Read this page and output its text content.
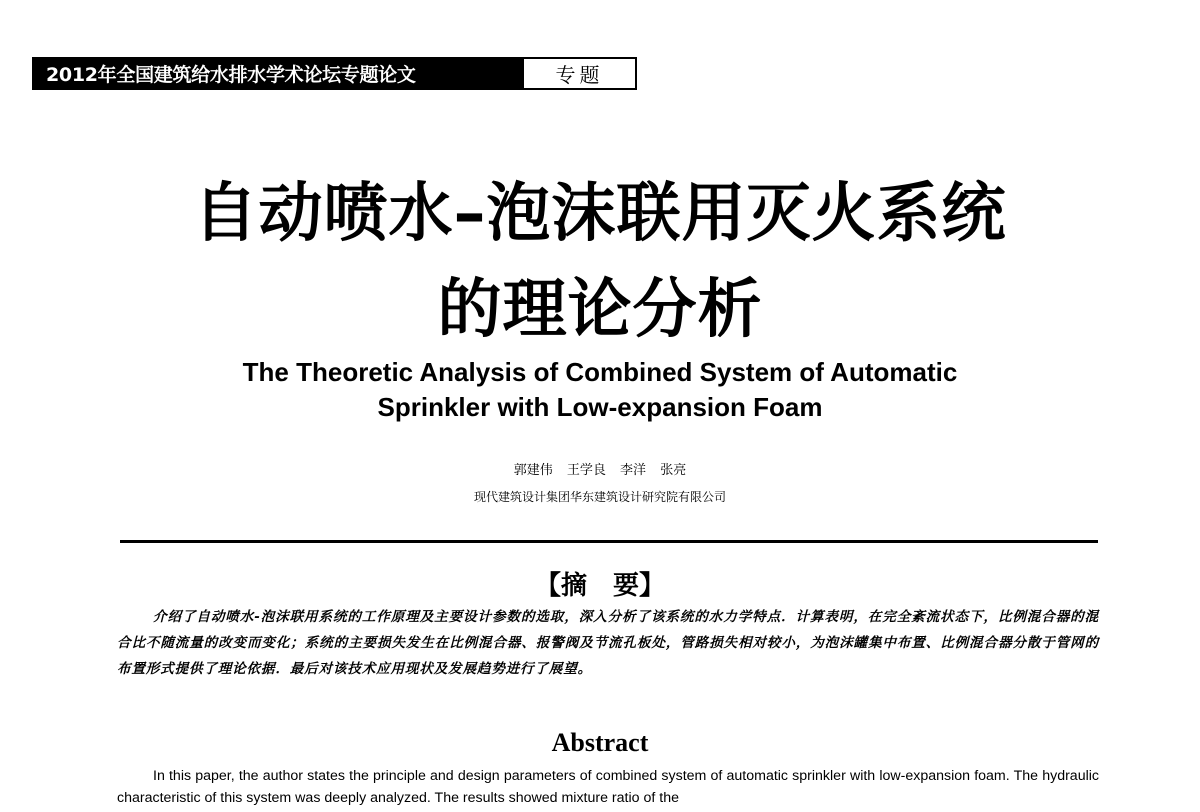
2012年全国建筑给水排水学术论坛专题论文	专题
自动喷水–泡沫联用灭火系统
的理论分析
The Theoretic Analysis of Combined System of Automatic
Sprinkler with Low-expansion Foam
郭建伟 王学良 李洋 张亮
现代建筑设计集团华东建筑设计研究院有限公司
【摘　要】
介绍了自动喷水-泡沫联用系统的工作原理及主要设计参数的选取，深入分析了该系统的水力学特点．计算表明，在完全紊流状态下，比例混合器的混合比不随流量的改变而变化；系统的主要损失发生在比例混合器、报警阀及节流孔板处，管路损失相对较小，为泡沫罐集中布置、比例混合器分散于管网的布置形式提供了理论依据．最后对该技术应用现状及发展趋势进行了展望。
Abstract
In this paper, the author states the principle and design parameters of combined system of automatic sprinkler with low-expansion foam. The hydraulic characteristic of this system was deeply analyzed. The results showed mixture ratio of the
